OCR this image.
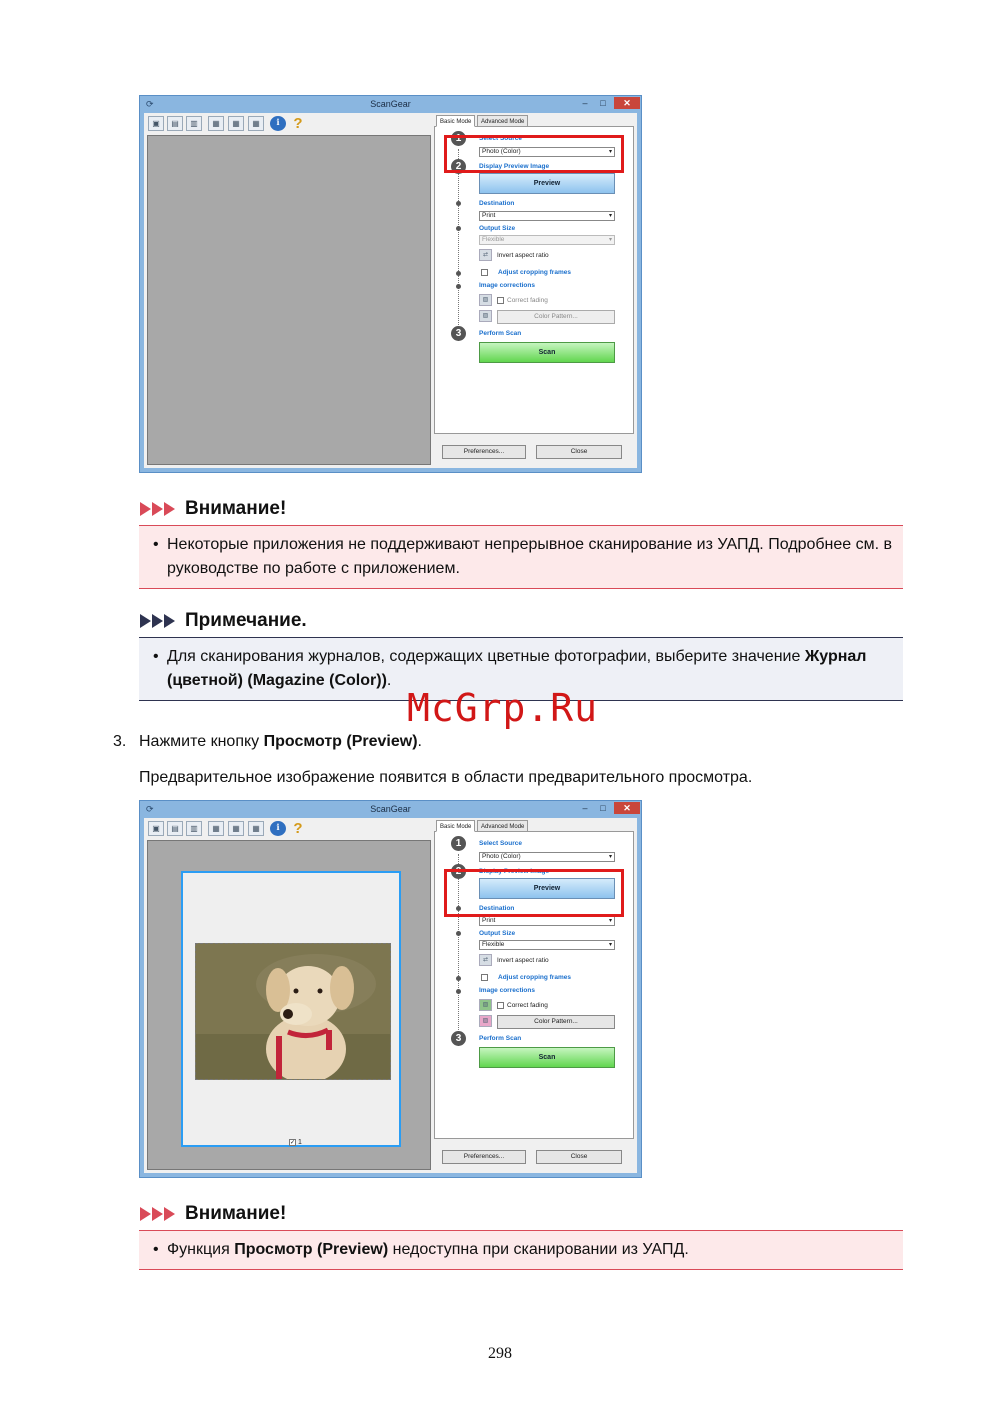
⟳	ScanGear	–	□	✕
▣	▤	▥	▦	▦	▦	i ?	Basic Mode	Advanced Mode
1	Select Source
Photo (Color)	▾
2	Display Preview Image
Preview
Destination
Print	▾
Output Size
Flexible	▾
⇄	Invert aspect ratio
Adjust cropping frames
Image corrections
▧	Correct fading
▨	Color Pattern...
3	Perform Scan
Scan
Preferences...	Close
Внимание!
• Некоторые приложения не поддерживают непрерывное сканирование из УАПД. Подробнее см. в руководстве по работе с приложением.
Примечание.
• Для сканирования журналов, содержащих цветные фотографии, выберите значение Журнал (цветной) (Magazine (Color)).
McGrp.Ru
3. Нажмите кнопку Просмотр (Preview).
Предварительное изображение появится в области предварительного просмотра.
⟳	ScanGear	–	□	✕
▣	▤	▥	▦	▦	▦	i ?
✓ 1
Basic Mode	Advanced Mode
1	Select Source
Photo (Color)	▾
2	Display Preview Image
Preview
Destination
Print	▾
Output Size
Flexible	▾
⇄	Invert aspect ratio
Adjust cropping frames
Image corrections
▧	Correct fading
▨	Color Pattern...
3	Perform Scan
Scan
Preferences...	Close
Внимание!
• Функция Просмотр (Preview) недоступна при сканировании из УАПД.
298
